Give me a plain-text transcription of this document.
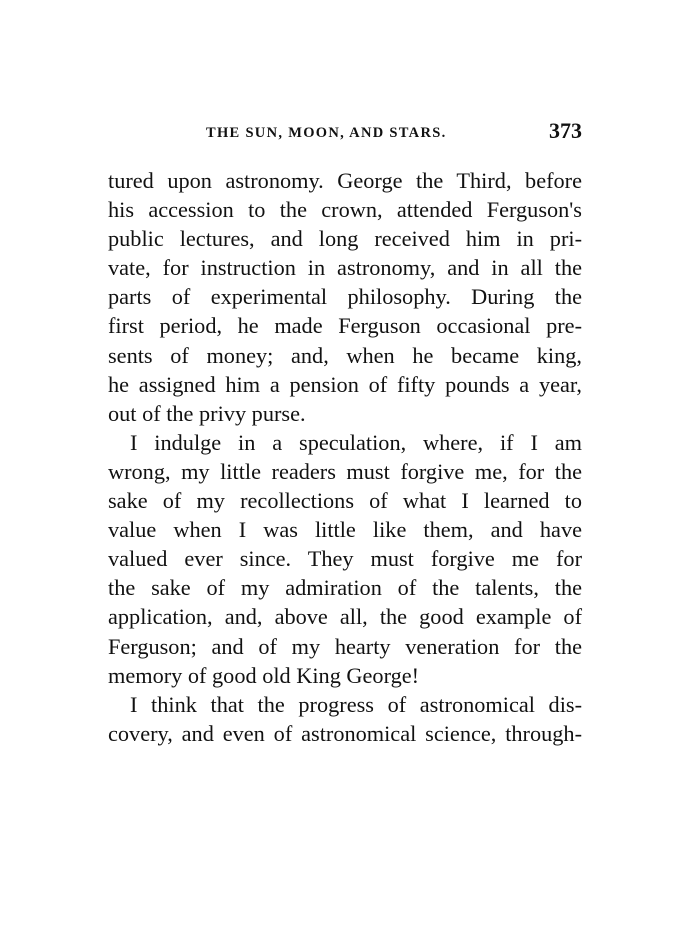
THE SUN, MOON, AND STARS.	373
tured upon astronomy. George the Third, before
his accession to the crown, attended Ferguson's
public lectures, and long received him in pri-
vate, for instruction in astronomy, and in all the
parts of experimental philosophy. During the
first period, he made Ferguson occasional pre-
sents of money; and, when he became king,
he assigned him a pension of fifty pounds a year,
out of the privy purse.
I indulge in a speculation, where, if I am
wrong, my little readers must forgive me, for the
sake of my recollections of what I learned to
value when I was little like them, and have
valued ever since. They must forgive me for
the sake of my admiration of the talents, the
application, and, above all, the good example of
Ferguson; and of my hearty veneration for the
memory of good old King George!
I think that the progress of astronomical dis-
covery, and even of astronomical science, through-
